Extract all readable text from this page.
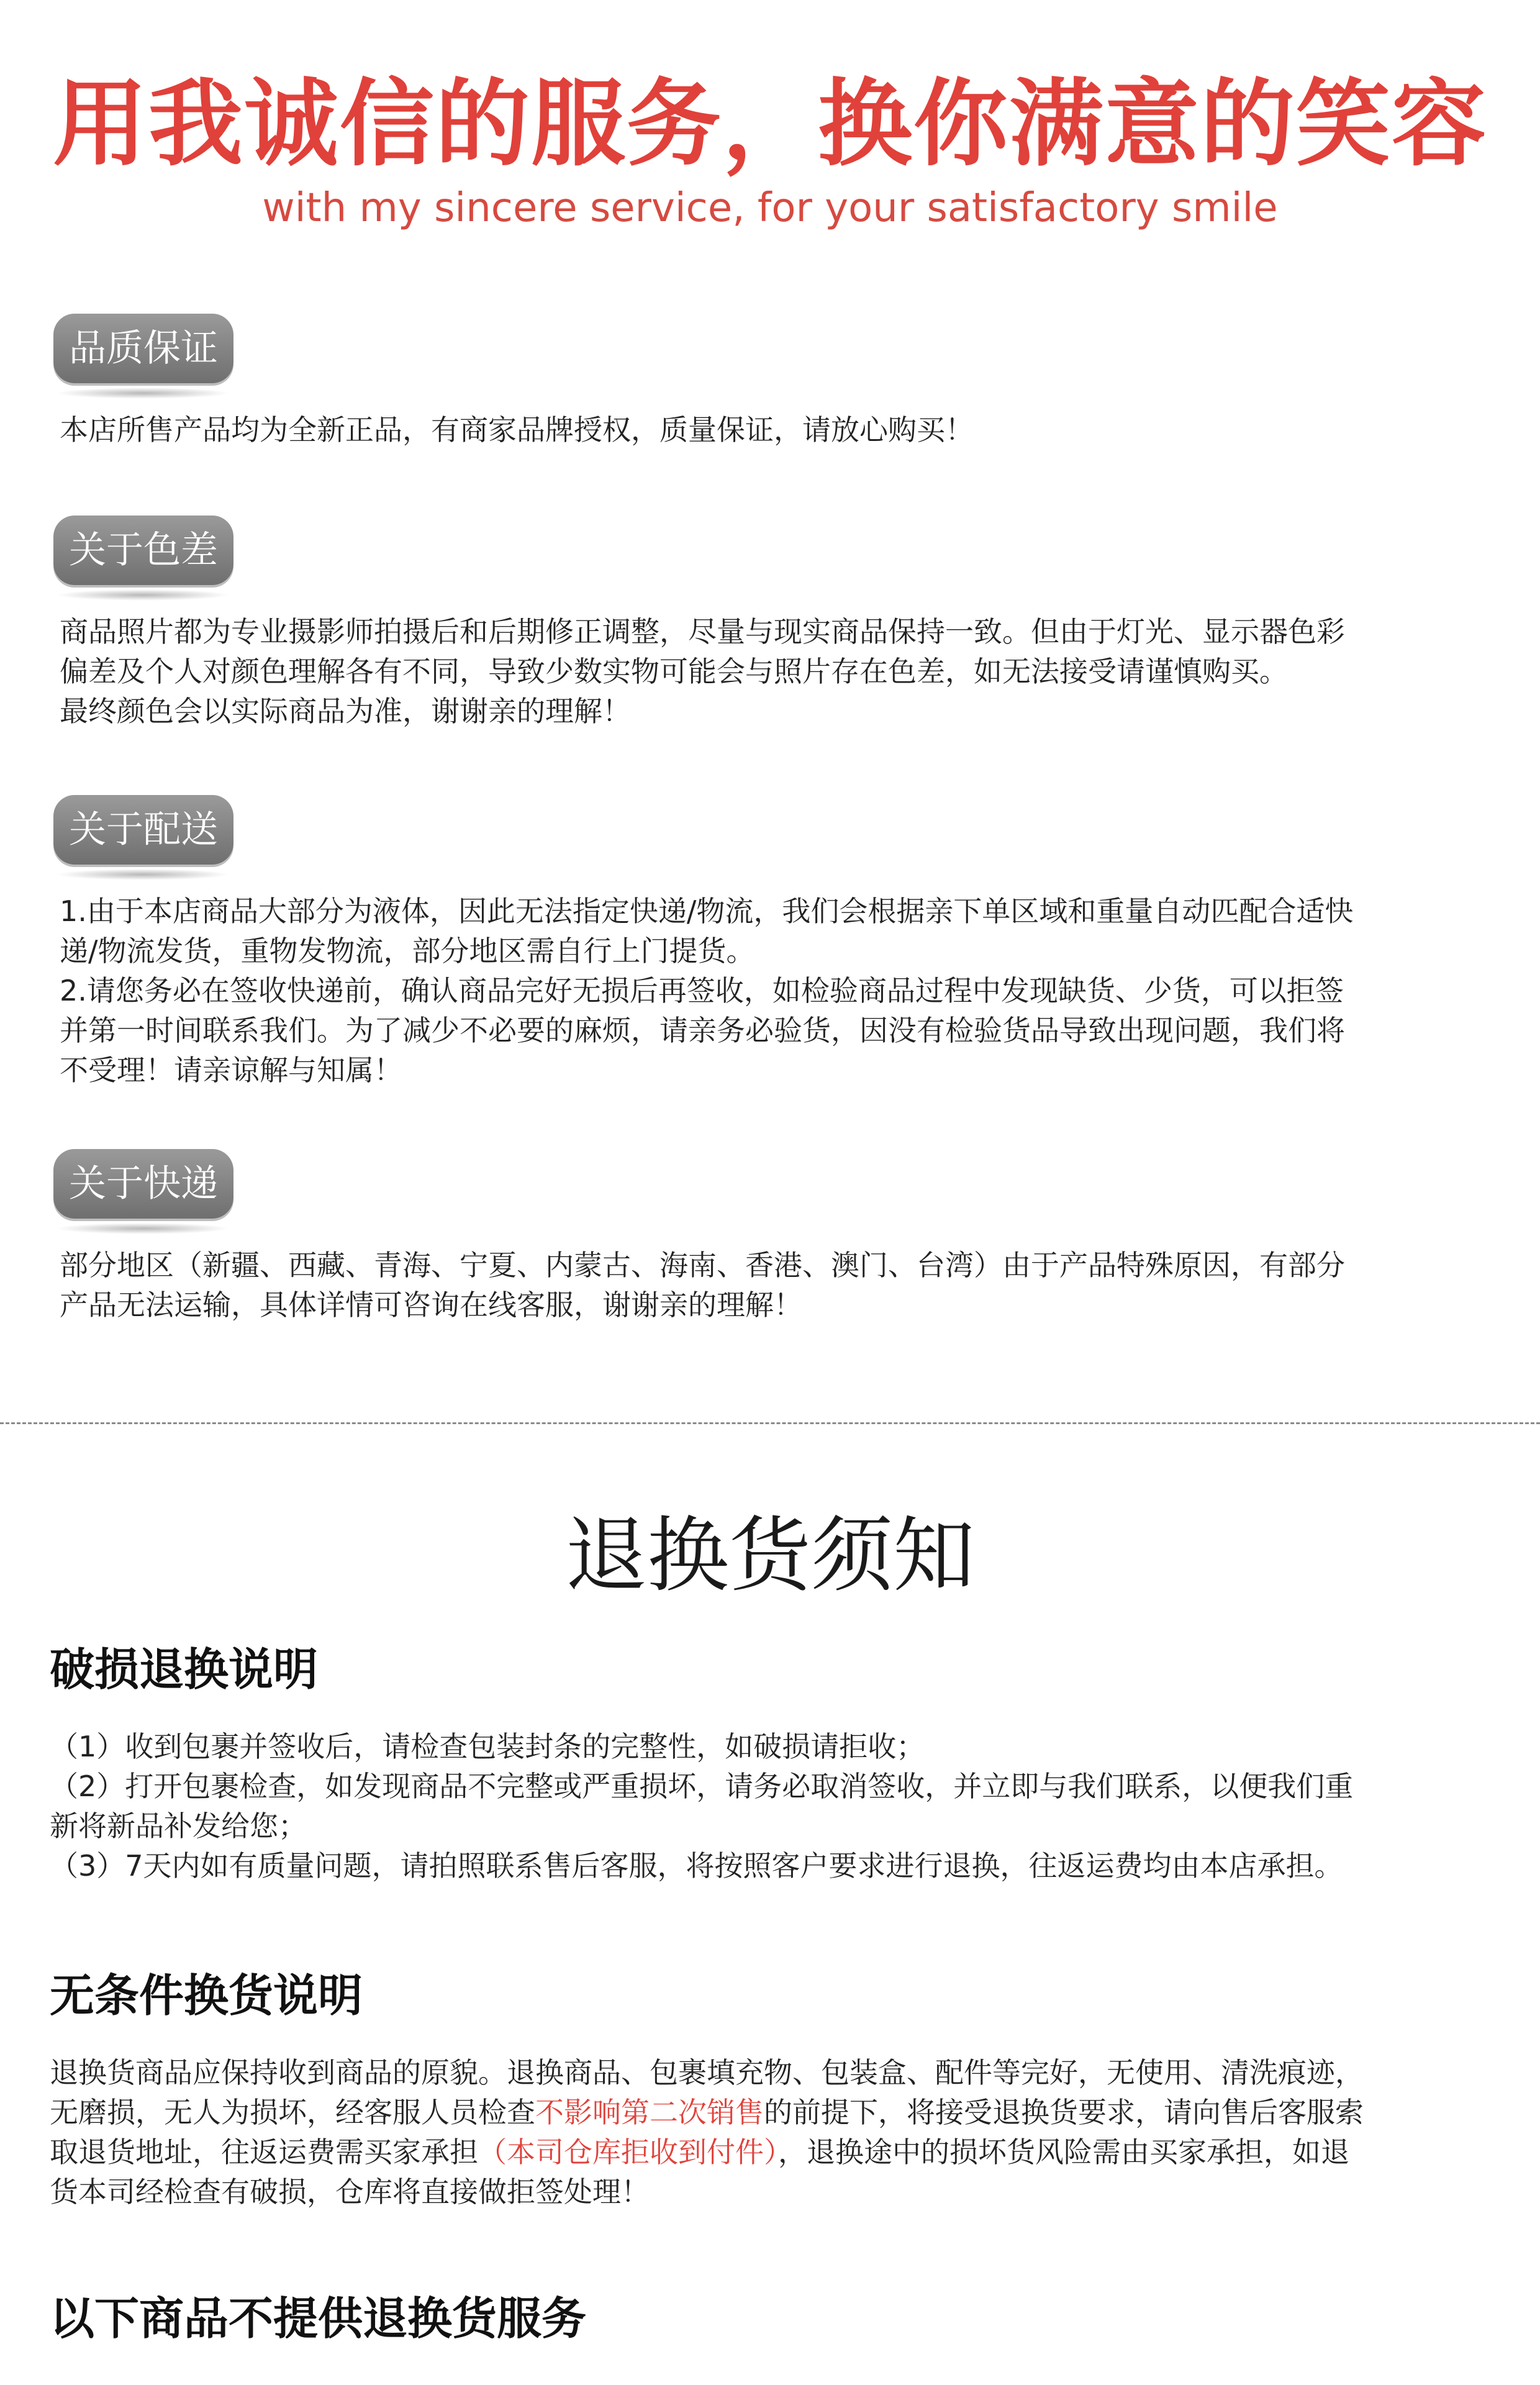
用我诚信的服务，换你满意的笑容
with my sincere service, for your satisfactory smile
品质保证
本店所售产品均为全新正品，有商家品牌授权，质量保证，请放心购买！
关于色差
商品照片都为专业摄影师拍摄后和后期修正调整，尽量与现实商品保持一致。但由于灯光、显示器色彩
偏差及个人对颜色理解各有不同，导致少数实物可能会与照片存在色差，如无法接受请谨慎购买。
最终颜色会以实际商品为准，谢谢亲的理解！
关于配送
1.由于本店商品大部分为液体，因此无法指定快递/物流，我们会根据亲下单区域和重量自动匹配合适快
递/物流发货，重物发物流，部分地区需自行上门提货。
2.请您务必在签收快递前，确认商品完好无损后再签收，如检验商品过程中发现缺货、少货，可以拒签
并第一时间联系我们。为了减少不必要的麻烦，请亲务必验货，因没有检验货品导致出现问题，我们将
不受理！请亲谅解与知属！
关于快递
部分地区（新疆、西藏、青海、宁夏、内蒙古、海南、香港、澳门、台湾）由于产品特殊原因，有部分
产品无法运输，具体详情可咨询在线客服，谢谢亲的理解！
退换货须知
破损退换说明
（1）收到包裹并签收后，请检查包装封条的完整性，如破损请拒收；
（2）打开包裹检查，如发现商品不完整或严重损坏，请务必取消签收，并立即与我们联系，以便我们重
新将新品补发给您；
（3）7天内如有质量问题，请拍照联系售后客服，将按照客户要求进行退换，往返运费均由本店承担。
无条件换货说明
退换货商品应保持收到商品的原貌。退换商品、包裹填充物、包装盒、配件等完好，无使用、清洗痕迹，
无磨损，无人为损坏，经客服人员检查不影响第二次销售的前提下，将接受退换货要求，请向售后客服索
取退货地址，往返运费需买家承担（本司仓库拒收到付件），退换途中的损坏货风险需由买家承担，如退
货本司经检查有破损，仓库将直接做拒签处理！
以下商品不提供退换货服务
